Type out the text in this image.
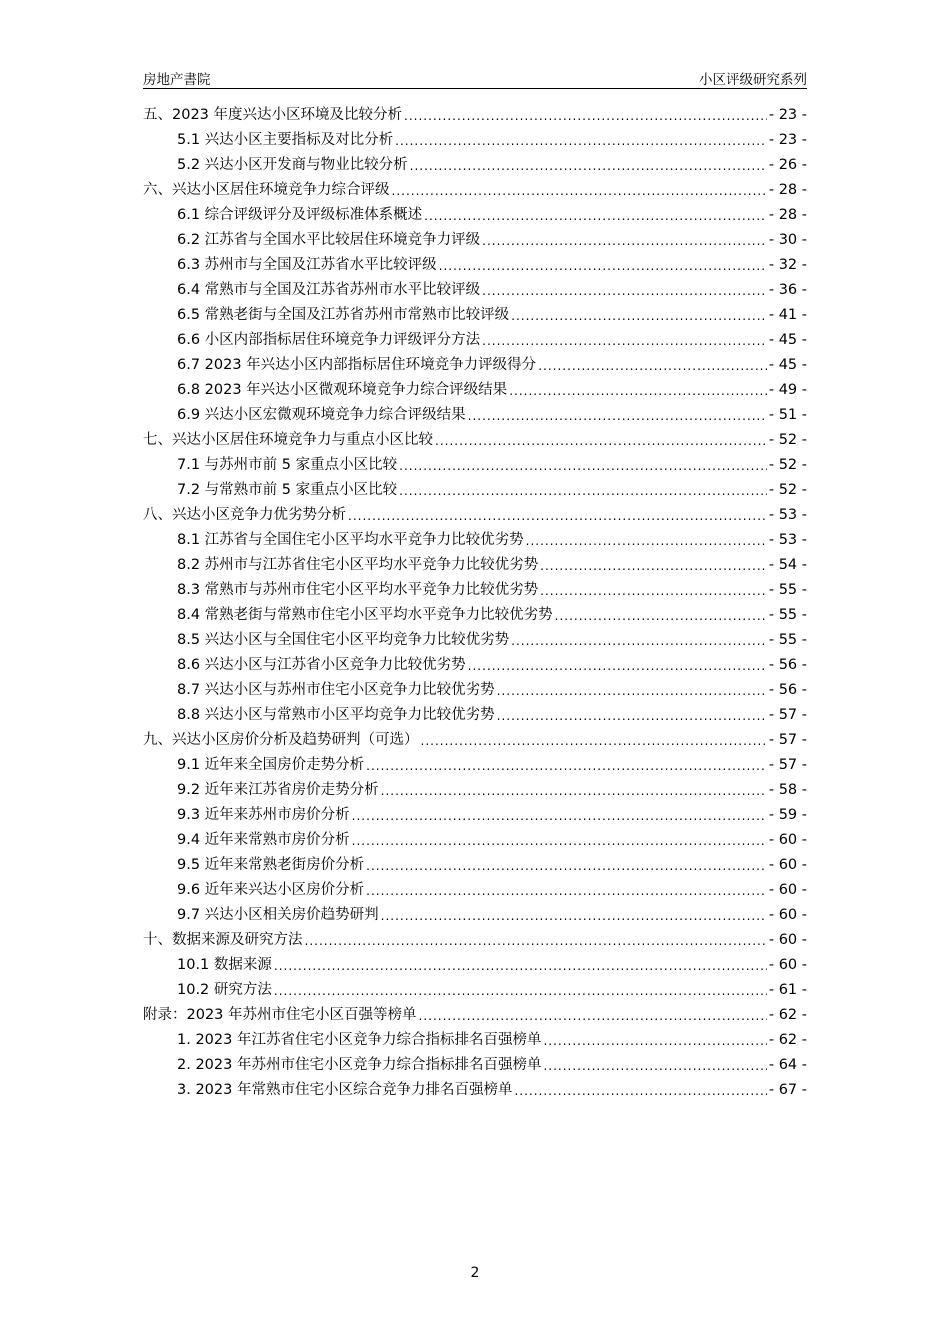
房地产書院	小区评级研究系列
五、2023 年度兴达小区环境及比较分析 .....	- 23 -
5.1 兴达小区主要指标及对比分析 .....	- 23 -
5.2 兴达小区开发商与物业比较分析 .....	- 26 -
六、兴达小区居住环境竞争力综合评级 .....	- 28 -
6.1 综合评级评分及评级标准体系概述 .....	- 28 -
6.2 江苏省与全国水平比较居住环境竞争力评级 .....	- 30 -
6.3 苏州市与全国及江苏省水平比较评级 .....	- 32 -
6.4 常熟市与全国及江苏省苏州市水平比较评级 .....	- 36 -
6.5 常熟老街与全国及江苏省苏州市常熟市比较评级 .....	- 41 -
6.6 小区内部指标居住环境竞争力评级评分方法 .....	- 45 -
6.7 2023 年兴达小区内部指标居住环境竞争力评级得分 .....	- 45 -
6.8 2023 年兴达小区微观环境竞争力综合评级结果 .....	- 49 -
6.9 兴达小区宏微观环境竞争力综合评级结果 .....	- 51 -
七、兴达小区居住环境竞争力与重点小区比较 .....	- 52 -
7.1 与苏州市前 5 家重点小区比较 .....	- 52 -
7.2 与常熟市前 5 家重点小区比较 .....	- 52 -
八、兴达小区竞争力优劣势分析 .....	- 53 -
8.1 江苏省与全国住宅小区平均水平竞争力比较优劣势 .....	- 53 -
8.2 苏州市与江苏省住宅小区平均水平竞争力比较优劣势 .....	- 54 -
8.3 常熟市与苏州市住宅小区平均水平竞争力比较优劣势 .....	- 55 -
8.4 常熟老街与常熟市住宅小区平均水平竞争力比较优劣势 .....	- 55 -
8.5 兴达小区与全国住宅小区平均竞争力比较优劣势 .....	- 55 -
8.6 兴达小区与江苏省小区竞争力比较优劣势 .....	- 56 -
8.7 兴达小区与苏州市住宅小区竞争力比较优劣势 .....	- 56 -
8.8 兴达小区与常熟市小区平均竞争力比较优劣势 .....	- 57 -
九、兴达小区房价分析及趋势研判（可选） .....	- 57 -
9.1 近年来全国房价走势分析 .....	- 57 -
9.2 近年来江苏省房价走势分析 .....	- 58 -
9.3 近年来苏州市房价分析 .....	- 59 -
9.4 近年来常熟市房价分析 .....	- 60 -
9.5 近年来常熟老街房价分析 .....	- 60 -
9.6 近年来兴达小区房价分析 .....	- 60 -
9.7 兴达小区相关房价趋势研判 .....	- 60 -
十、数据来源及研究方法 .....	- 60 -
10.1 数据来源 .....	- 60 -
10.2 研究方法 .....	- 61 -
附录：2023 年苏州市住宅小区百强等榜单 .....	- 62 -
1. 2023 年江苏省住宅小区竞争力综合指标排名百强榜单 .....	- 62 -
2. 2023 年苏州市住宅小区竞争力综合指标排名百强榜单 .....	- 64 -
3. 2023 年常熟市住宅小区综合竞争力排名百强榜单 .....	- 67 -
2
